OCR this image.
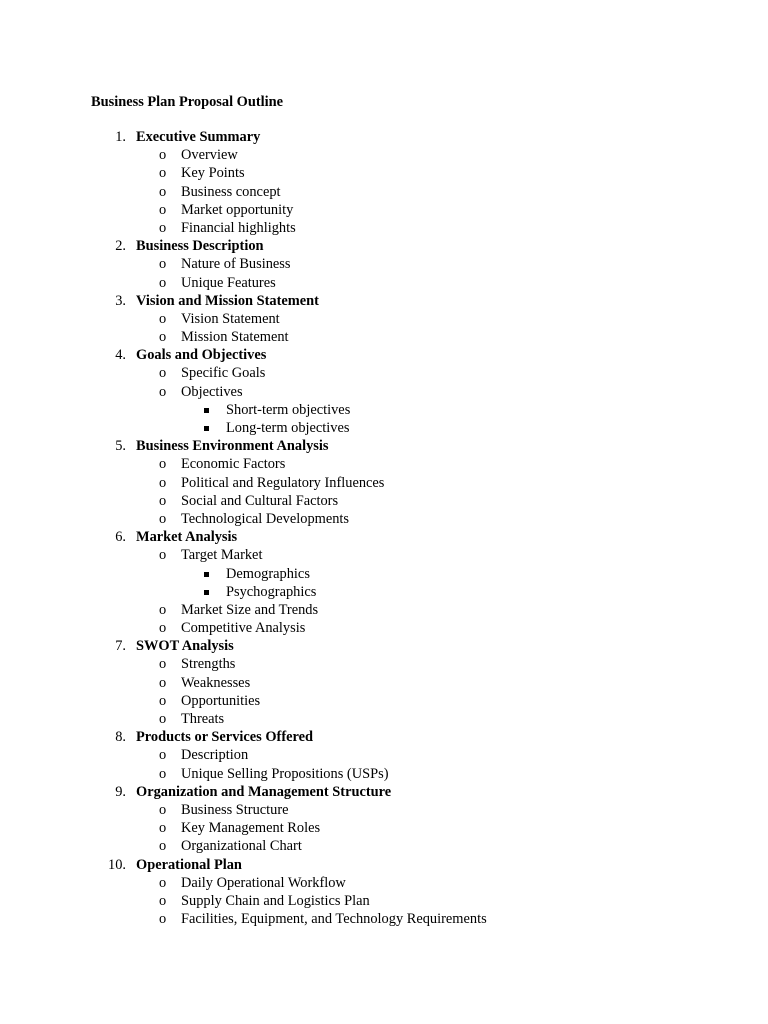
Business Plan Proposal Outline
1. Executive Summary
o Overview
o Key Points
o Business concept
o Market opportunity
o Financial highlights
2. Business Description
o Nature of Business
o Unique Features
3. Vision and Mission Statement
o Vision Statement
o Mission Statement
4. Goals and Objectives
o Specific Goals
o Objectives
Short-term objectives
Long-term objectives
5. Business Environment Analysis
o Economic Factors
o Political and Regulatory Influences
o Social and Cultural Factors
o Technological Developments
6. Market Analysis
o Target Market
Demographics
Psychographics
o Market Size and Trends
o Competitive Analysis
7. SWOT Analysis
o Strengths
o Weaknesses
o Opportunities
o Threats
8. Products or Services Offered
o Description
o Unique Selling Propositions (USPs)
9. Organization and Management Structure
o Business Structure
o Key Management Roles
o Organizational Chart
10. Operational Plan
o Daily Operational Workflow
o Supply Chain and Logistics Plan
o Facilities, Equipment, and Technology Requirements
